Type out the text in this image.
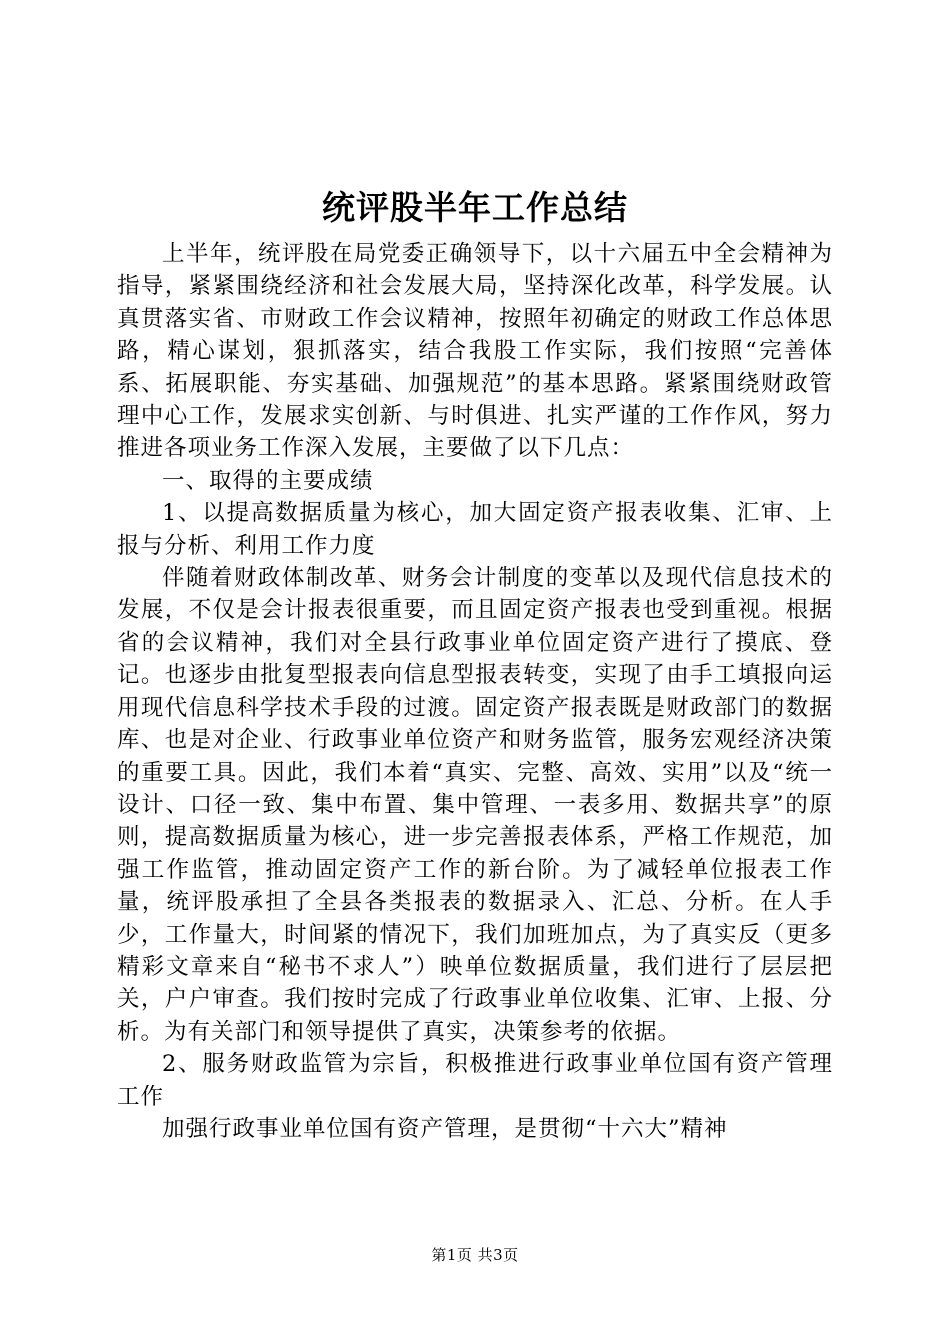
统评股半年工作总结

上半年，统评股在局党委正确领导下，以十六届五中全会精神为指导，紧紧围绕经济和社会发展大局，坚持深化改革，科学发展。认真贯落实省、市财政工作会议精神，按照年初确定的财政工作总体思路，精心谋划，狠抓落实，结合我股工作实际，我们按照“完善体系、拓展职能、夯实基础、加强规范”的基本思路。紧紧围绕财政管理中心工作，发展求实创新、与时俱进、扎实严谨的工作作风，努力推进各项业务工作深入发展，主要做了以下几点：

一、取得的主要成绩

1、以提高数据质量为核心，加大固定资产报表收集、汇审、上报与分析、利用工作力度

伴随着财政体制改革、财务会计制度的变革以及现代信息技术的发展，不仅是会计报表很重要，而且固定资产报表也受到重视。根据省的会议精神，我们对全县行政事业单位固定资产进行了摸底、登记。也逐步由批复型报表向信息型报表转变，实现了由手工填报向运用现代信息科学技术手段的过渡。固定资产报表既是财政部门的数据库、也是对企业、行政事业单位资产和财务监管，服务宏观经济决策的重要工具。因此，我们本着“真实、完整、高效、实用”以及“统一设计、口径一致、集中布置、集中管理、一表多用、数据共享”的原则，提高数据质量为核心，进一步完善报表体系，严格工作规范，加强工作监管，推动固定资产工作的新台阶。为了减轻单位报表工作量，统评股承担了全县各类报表的数据录入、汇总、分析。在人手少，工作量大，时间紧的情况下，我们加班加点，为了真实反（更多精彩文章来自“秘书不求人”）映单位数据质量，我们进行了层层把关，户户审查。我们按时完成了行政事业单位收集、汇审、上报、分析。为有关部门和领导提供了真实，决策参考的依据。

2、服务财政监管为宗旨，积极推进行政事业单位国有资产管理工作

加强行政事业单位国有资产管理，是贯彻“十六大”精神

第1页 共3页
